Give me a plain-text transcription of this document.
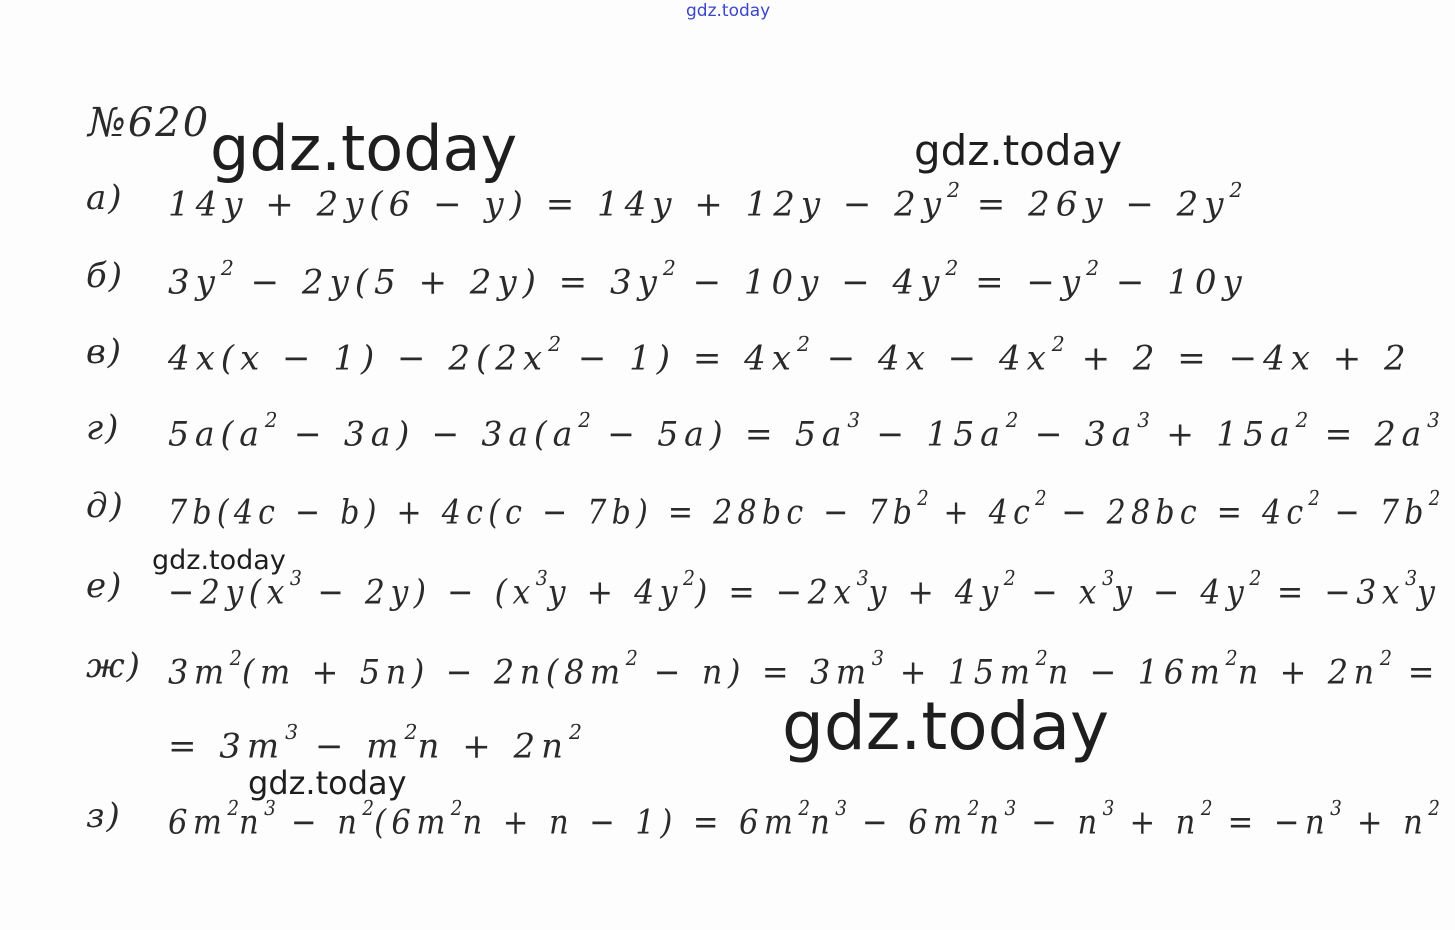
gdz.today
№620 gdz.today	gdz.today
а) $14y + 2y(6 - y) = 14y + 12y - 2y^2 = 26y - 2y^2$
б) $3y^2 - 2y(5 + 2y) = 3y^2 - 10y - 4y^2 = -y^2 - 10y$
в) $4x(x - 1) - 2(2x^2 - 1) = 4x^2 - 4x - 4x^2 + 2 = -4x + 2$
г) $5a(a^2 - 3a) - 3a(a^2 - 5a) = 5a^3 - 15a^2 - 3a^3 + 15a^2 = 2a^3$
д) $7b(4c - b) + 4c(c - 7b) = 28bc - 7b^2 + 4c^2 - 28bc = 4c^2 - 7b^2$
$е) -2y(x^3 - 2y) - (x^3y + 4y^2) = -2x^3y + 4y^2 - x^3y - 4y^2 = -3x^3y$
ж) $3m^2(m + 5n) - 2n(8m^2 - n) = 3m^3 + 15m^2n - 16m^2n + 2n^2$ =
= $3m^3 - m^2n + 2n^2$
з) $6m^2n^3 - n^2(6m^2n + n - 1) = 6m^2n^3 - 6m^2n^3 - n^3 + n^2 = -n^3 + n^2$
gdz.today
gdz.today
gdz.today
